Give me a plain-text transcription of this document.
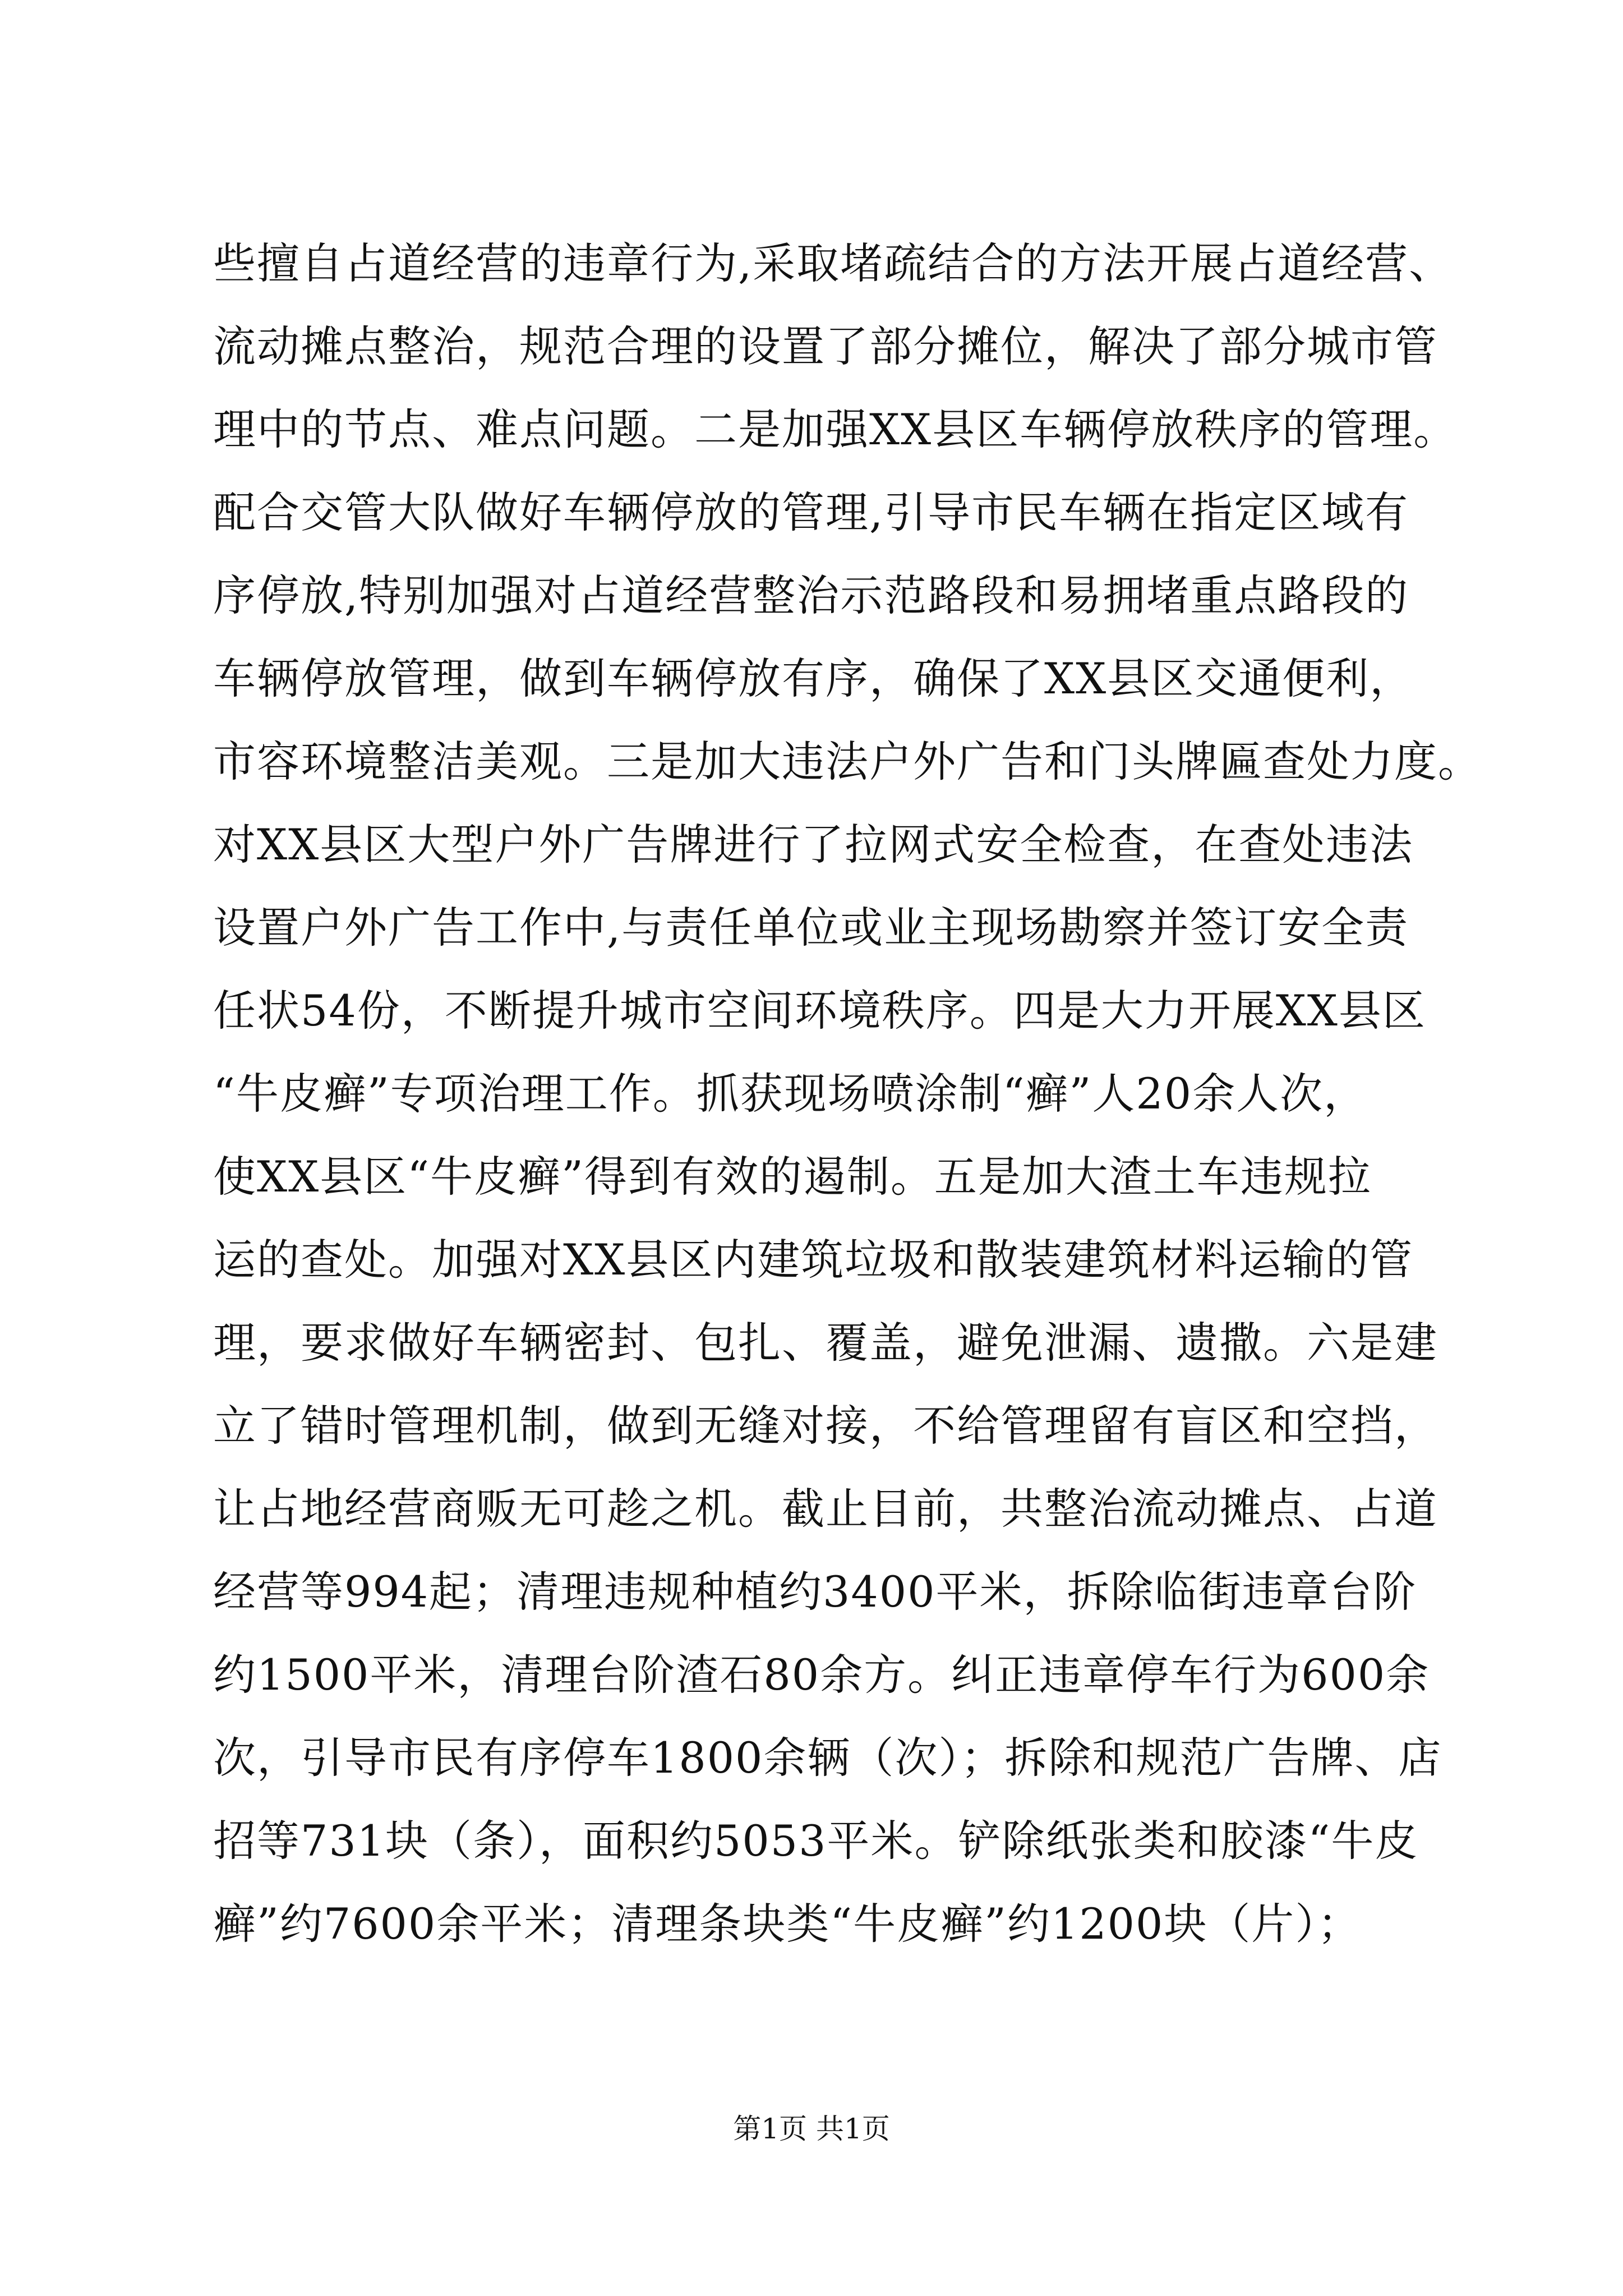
些擅自占道经营的违章行为,采取堵疏结合的方法开展占道经营、
流动摊点整治，规范合理的设置了部分摊位，解决了部分城市管
理中的节点、难点问题。二是加强XX县区车辆停放秩序的管理。
配合交管大队做好车辆停放的管理,引导市民车辆在指定区域有
序停放,特别加强对占道经营整治示范路段和易拥堵重点路段的
车辆停放管理，做到车辆停放有序，确保了XX县区交通便利，
市容环境整洁美观。三是加大违法户外广告和门头牌匾查处力度。
对XX县区大型户外广告牌进行了拉网式安全检查，在查处违法
设置户外广告工作中,与责任单位或业主现场勘察并签订安全责
任状54份，不断提升城市空间环境秩序。四是大力开展XX县区
“牛皮癣”专项治理工作。抓获现场喷涂制“癣”人20余人次，
使XX县区“牛皮癣”得到有效的遏制。五是加大渣土车违规拉
运的查处。加强对XX县区内建筑垃圾和散装建筑材料运输的管
理，要求做好车辆密封、包扎、覆盖，避免泄漏、遗撒。六是建
立了错时管理机制，做到无缝对接，不给管理留有盲区和空挡，
让占地经营商贩无可趁之机。截止目前，共整治流动摊点、占道
经营等994起；清理违规种植约3400平米，拆除临街违章台阶
约1500平米，清理台阶渣石80余方。纠正违章停车行为600余
次，引导市民有序停车1800余辆（次）；拆除和规范广告牌、店
招等731块（条），面积约5053平米。铲除纸张类和胶漆“牛皮
癣”约7600余平米；清理条块类“牛皮癣”约1200块（片）；
第1页 共1页
